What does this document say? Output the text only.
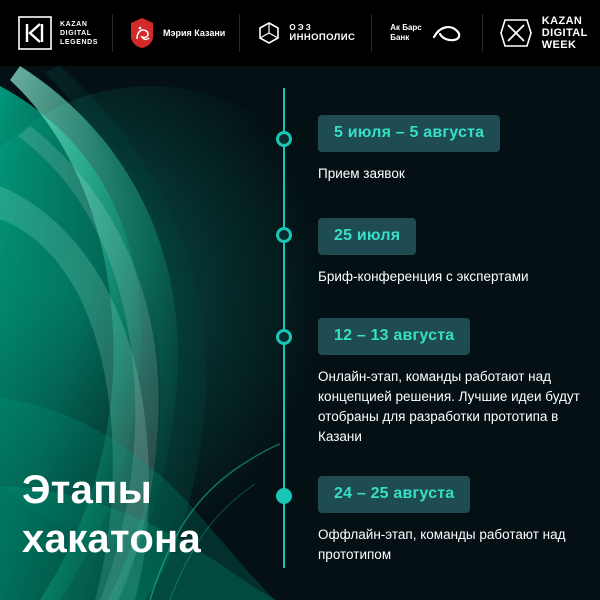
5 июля – 5 августа
Прием заявок
25 июля
Бриф-конференция с экспертами
12 – 13 августа
Онлайн-этап, команды работают над концепцией решения. Лучшие идеи будут отобраны для разработки прототипа в Казани
24 – 25 августа
Оффлайн-этап, команды работают над прототипом
Этапы
хакатона
KAZAN
DIGITAL
LEGENDS
Мэрия Казани
ОЭЗ
ИННОПОЛИС
Ак Барс
Банк
KAZAN
DIGITAL
WEEK
